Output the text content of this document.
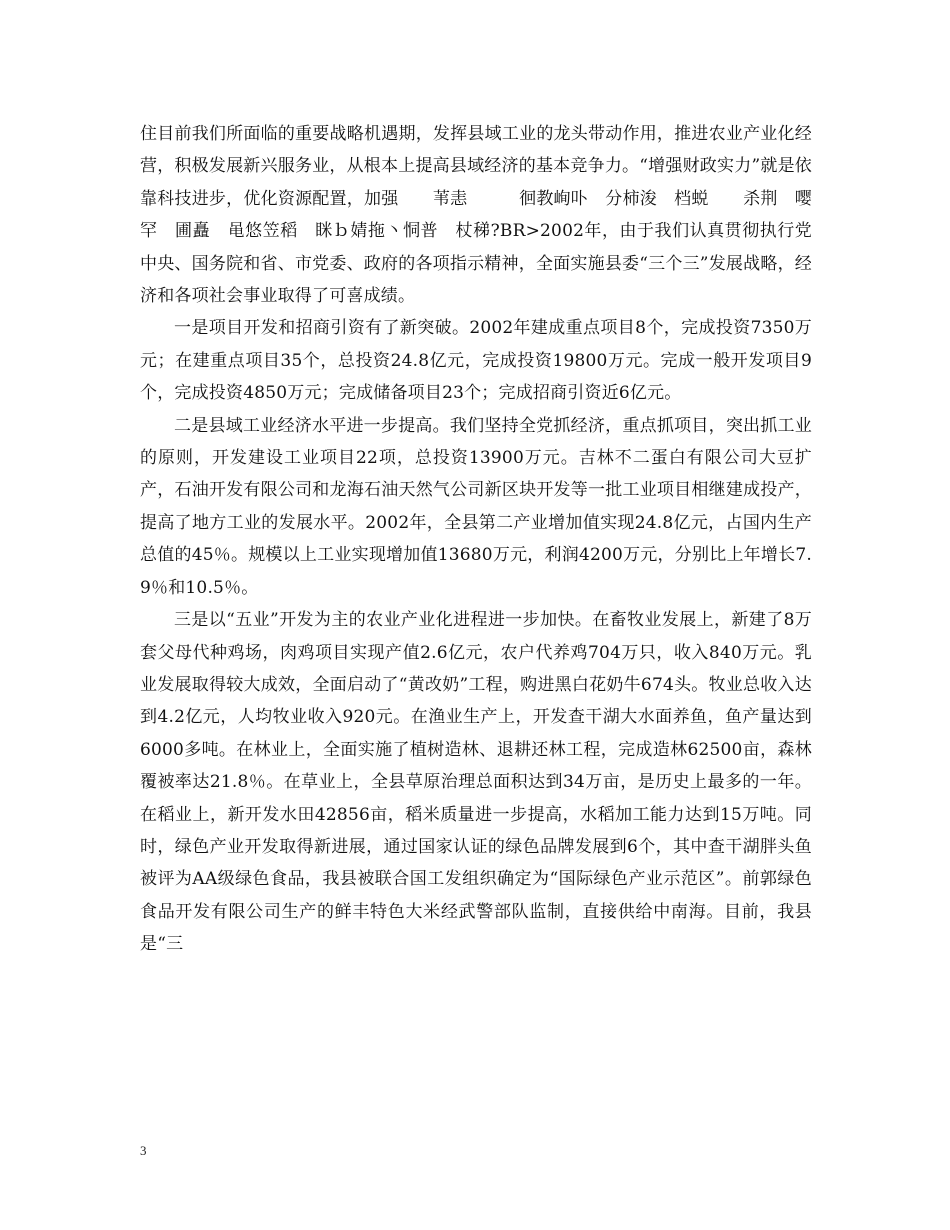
住目前我们所面临的重要战略机遇期，发挥县域工业的龙头带动作用，推进农业产业化经营，积极发展新兴服务业，从根本上提高县域经济的基本竞争力。“增强财政实力”就是依靠科技进步，优化资源配置，加强　　苇恚　　　徊教峋卟　分柿浚　档蜕　　杀荆　嘤　罕　圃矗　黾悠笠稻　眯ｂ婧拖丶恫普　杖稊?BR>2002年，由于我们认真贯彻执行党中央、国务院和省、市党委、政府的各项指示精神，全面实施县委“三个三”发展战略，经济和各项社会事业取得了可喜成绩。

一是项目开发和招商引资有了新突破。2002年建成重点项目8个，完成投资7350万元；在建重点项目35个，总投资24.8亿元，完成投资19800万元。完成一般开发项目9个，完成投资4850万元；完成储备项目23个；完成招商引资近6亿元。

二是县域工业经济水平进一步提高。我们坚持全党抓经济，重点抓项目，突出抓工业的原则，开发建设工业项目22项，总投资13900万元。吉林不二蛋白有限公司大豆扩产，石油开发有限公司和龙海石油天然气公司新区块开发等一批工业项目相继建成投产，提高了地方工业的发展水平。2002年，全县第二产业增加值实现24.8亿元，占国内生产总值的45％。规模以上工业实现增加值13680万元，利润4200万元，分别比上年增长7.9％和10.5％。

三是以“五业”开发为主的农业产业化进程进一步加快。在畜牧业发展上，新建了8万套父母代种鸡场，肉鸡项目实现产值2.6亿元，农户代养鸡704万只，收入840万元。乳业发展取得较大成效，全面启动了“黄改奶”工程，购进黑白花奶牛674头。牧业总收入达到4.2亿元，人均牧业收入920元。在渔业生产上，开发查干湖大水面养鱼，鱼产量达到6000多吨。在林业上，全面实施了植树造林、退耕还林工程，完成造林62500亩，森林覆被率达21.8％。在草业上，全县草原治理总面积达到34万亩，是历史上最多的一年。在稻业上，新开发水田42856亩，稻米质量进一步提高，水稻加工能力达到15万吨。同时，绿色产业开发取得新进展，通过国家认证的绿色品牌发展到6个，其中查干湖胖头鱼被评为AA级绿色食品，我县被联合国工发组织确定为“国际绿色产业示范区”。前郭绿色食品开发有限公司生产的鲜丰特色大米经武警部队监制，直接供给中南海。目前，我县是“三

3
